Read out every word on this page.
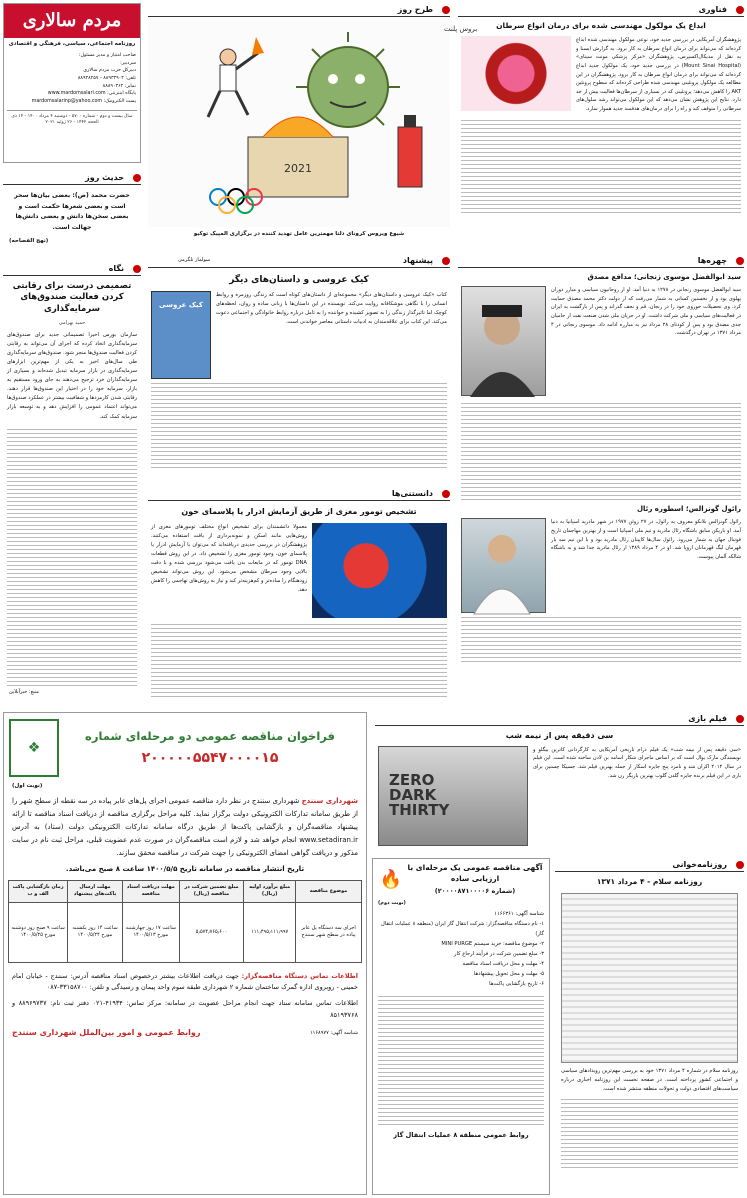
مردم سالاری
روزنامه اجتماعی، سیاسی، فرهنگی و اقتصادی
صاحب امتیاز و مدیر مسئول:
سردبیر:
دبیرکل حزب مردم سالاری
تلفن: ۸۸۹۳۳۹۰۴ - ۸۸۹۳۸۲۵۷
نمابر: ۸۸۸۹۰۳۶۲
پایگاه اینترنتی: www.mardomsalari.com
پست الکترونیک: mardomsalarinp@yahoo.com
سال بیست و دوم - شماره ۵۷۰۰ - دوشنبه ۴ مرداد ۱۴۰۰ - ۱۴ ذی الحجه ۱۴۴۲ - ۲۶ ژوئیه ۲۰۲۱
حدیث روز

حضرت محمد (ص): بعضی بیان‌ها سحر است و بعضی شعرها حکمت است و بعضی سخن‌ها دانش و بعضی دانش‌ها جهالت است.

(نهج الفصاحه)

نگاه
تصمیمی درست برای رقابتی کردن فعالیت صندوق‌های سرمایه‌گذاری
حمید بهرامی

سازمان بورس اخیرا تصمیماتی جدید برای صندوق‌های سرمایه‌گذاری اتخاذ کرده که اجرای آن می‌تواند به رقابتی کردن فعالیت صندوق‌ها منجر شود. صندوق‌های سرمایه‌گذاری طی سال‌های اخیر به یکی از مهم‌ترین ابزارهای سرمایه‌گذاری در بازار سرمایه تبدیل شده‌اند و بسیاری از سرمایه‌گذاران خرد ترجیح می‌دهند به جای ورود مستقیم به بازار، سرمایه خود را در اختیار این صندوق‌ها قرار دهند. رقابتی شدن کارمزدها و شفافیت بیشتر در عملکرد صندوق‌ها می‌تواند اعتماد عمومی را افزایش دهد و به توسعه بازار سرمایه کمک کند.

منبع: خبرآنلاین

طرح روز
2021
بروس پلنت

شیوع ویروس کرونای دلتا مهمترین عامل تهدید کننده در برگزاری المپیک توکیو

پیشنهاد
سولماز تلگرمی
کیک عروسی و داستان‌های دیگر

کتاب «کیک عروسی و داستان‌های دیگر» مجموعه‌ای از داستان‌های کوتاه است که زندگی روزمره و روابط انسانی را با نگاهی موشکافانه روایت می‌کند. نویسنده در این داستان‌ها با زبانی ساده و روان، لحظه‌های کوچک اما تاثیرگذار زندگی را به تصویر کشیده و خواننده را به تامل درباره روابط خانوادگی و اجتماعی دعوت می‌کند. این کتاب برای علاقه‌مندان به ادبیات داستانی معاصر خواندنی است.

کیک عروسی

دانستنی‌ها
تشخیص تومور مغزی از طریق آزمایش ادرار یا پلاسمای خون

معمولا دانشمندان برای تشخیص انواع مختلف تومورهای مغزی از روش‌هایی مانند اسکن و نمونه‌برداری از بافت استفاده می‌کنند. پژوهشگران در بررسی جدیدی دریافته‌اند که می‌توان با آزمایش ادرار یا پلاسمای خون، وجود تومور مغزی را تشخیص داد. در این روش قطعات DNA تومور که در مایعات بدن یافت می‌شود بررسی شده و با دقت بالایی وجود سرطان مشخص می‌شود. این روش می‌تواند تشخیص زودهنگام را ساده‌تر و کم‌هزینه‌تر کند و نیاز به روش‌های تهاجمی را کاهش دهد.

فناوری
ابداع یک مولکول مهندسی شده برای درمان انواع سرطان

پژوهشگران آمریکایی در بررسی جدید خود، نوعی مولکول مهندسی شده ابداع کرده‌اند که می‌تواند برای درمان انواع سرطان به کار برود. به گزارش ایسنا و به نقل از مدیکال‌اکسپرس، پژوهشگران «مرکز پزشکی مونت سینای» (Mount Sinai Hospital) در بررسی جدید خود، یک مولکول جدید ابداع کرده‌اند که می‌تواند برای درمان انواع سرطان به کار برود. پژوهشگران در این مطالعه یک مولکول پروتئینی مهندسی شده طراحی کرده‌اند که سطوح پروتئین AKT را کاهش می‌دهد؛ پروتئینی که در بسیاری از سرطان‌ها فعالیت بیش از حد دارد. نتایج این پژوهش نشان می‌دهد که این مولکول می‌تواند رشد سلول‌های سرطانی را متوقف کند و راه را برای درمان‌های هدفمند جدید هموار سازد.

چهره‌ها
سید ابوالفضل موسوی زنجانی؛ مدافع مصدق

سید ابوالفضل موسوی زنجانی در ۱۲۷۸ به دنیا آمد. او از روحانیون سیاسی و مبارز دوران پهلوی بود و از نخستین کسانی به شمار می‌رفت که از دولت دکتر محمد مصدق حمایت کرد. وی تحصیلات حوزوی خود را در زنجان، قم و نجف گذراند و پس از بازگشت به ایران در فعالیت‌های سیاسی و ملی شرکت داشت. او در جریان ملی شدن صنعت نفت از حامیان جدی مصدق بود و پس از کودتای ۲۸ مرداد نیز به مبارزه ادامه داد. موسوی زنجانی در ۴ مرداد ۱۳۷۱ در تهران درگذشت.

رائول گونزالس؛ اسطوره رئال

رائول گونزالس بلانکو معروف به رائول، در ۲۷ ژوئن ۱۹۷۷ در شهر مادرید اسپانیا به دنیا آمد. او بازیکن سابق باشگاه رئال مادرید و تیم ملی اسپانیا است و از بهترین مهاجمان تاریخ فوتبال جهان به شمار می‌رود. رائول سال‌ها کاپیتان رئال مادرید بود و با این تیم سه بار قهرمان لیگ قهرمانان اروپا شد. او در ۴ مرداد ۱۳۸۹ از رئال مادرید جدا شد و به باشگاه شالکه آلمان پیوست.

فیلم بازی
سی دقیقه پس از نیمه شب

«سی دقیقه پس از نیمه شب» یک فیلم درام تاریخی آمریکایی به کارگردانی کاترین بیگلو و نویسندگی مارک بوال است که بر اساس ماجرای شکار اسامه بن لادن ساخته شده است. این فیلم در سال ۲۰۱۲ اکران شد و نامزد پنج جایزه اسکار از جمله بهترین فیلم شد. جسیکا چستین برای بازی در این فیلم برنده جایزه گلدن گلوب بهترین بازیگر زن شد.

ZERO
DARK
THIRTY
فراخوان مناقصه عمومی دو مرحله‌ای شماره
۲۰۰۰۰۰۵۵۴۷۰۰۰۰۱۵
❖
(نوبت اول)

شهرداری سنندج شهرداری سنندج در نظر دارد مناقصه عمومی اجرای پل‌های عابر پیاده در سه نقطه از سطح شهر را از طریق سامانه تدارکات الکترونیکی دولت برگزار نماید. کلیه مراحل برگزاری مناقصه از دریافت اسناد مناقصه تا ارائه پیشنهاد مناقصه‌گران و بازگشایی پاکت‌ها از طریق درگاه سامانه تدارکات الکترونیکی دولت (ستاد) به آدرس www.setadiran.ir انجام خواهد شد و لازم است مناقصه‌گران در صورت عدم عضویت قبلی، مراحل ثبت نام در سایت مذکور و دریافت گواهی امضای الکترونیکی را جهت شرکت در مناقصه محقق سازند.

تاریخ انتشار مناقصه در سامانه تاریخ ۱۴۰۰/۵/۵ ساعت ۸ صبح می‌باشد.

موضوع مناقصه	مبلغ برآورد اولیه (ریال)	مبلغ تضمین شرکت در مناقصه (ریال)	مهلت دریافت اسناد مناقصه	مهلت ارسال پاکت‌های پیشنهاد	زمان بازگشایی پاکت الف و ب
اجرای سه دستگاه پل عابر پیاده در سطح شهر سنندج	۱۱۱٫۴۹۵٫۱۱۱٫۹۹۷	۵٫۵۷۴٫۷۶۵٫۶۰۰	ساعت ۱۷ روز چهارشنبه مورخ ۱۴۰۰/۵/۱۳	ساعت ۱۴ روز یکشنبه مورخ ۱۴۰۰/۵/۲۴	ساعت ۹ صبح روز دوشنبه مورخ ۱۴۰۰/۵/۲۵

اطلاعات تماس دستگاه مناقصه‌گزار: جهت دریافت اطلاعات بیشتر درخصوص اسناد مناقصه آدرس: سنندج - خیابان امام خمینی - روبروی اداره گمرک ساختمان شماره ۲ شهرداری طبقه سوم واحد پیمان و رسیدگی و تلفن: ۳۳۱۵۸۷۰۰-۰۸۷

اطلاعات تماس سامانه ستاد جهت انجام مراحل عضویت در سامانه: مرکز تماس: ۴۱۹۳۴-۰۲۱ دفتر ثبت نام: ۸۸۹۶۹۷۳۷ و ۸۵۱۹۳۷۶۸

شناسه آگهی: ۱۱۶۸۹۷۷
روابط عمومی و امور بین‌الملل شهرداری سنندج
آگهی مناقصه عمومی یک مرحله‌ای با ارزیابی ساده
(شماره ۲۰۰۰۰۸۷۱۰۰۰۰۶)
🔥
(نوبت دوم)
شناسه آگهی: ۱۱۶۶۳۶۱
۱- نام دستگاه مناقصه‌گزار: شرکت انتقال گاز ایران (منطقه ۸ عملیات انتقال گاز)
۲- موضوع مناقصه: خرید سیستم MINI PURGE
۳- مبلغ تضمین شرکت در فرآیند ارجاع کار
۴- مهلت و محل دریافت اسناد مناقصه
۵- مهلت و محل تحویل پیشنهادها
۶- تاریخ بازگشایی پاکت‌ها

روابط عمومی منطقه ۸ عملیات انتقال گاز
روزنامه‌خوانی
روزنامه سلام - ۴ مرداد ۱۳۷۱

روزنامه سلام در شماره ۴ مرداد ۱۳۷۱ خود به بررسی مهم‌ترین رویدادهای سیاسی و اجتماعی کشور پرداخته است. در صفحه نخست این روزنامه اخباری درباره سیاست‌های اقتصادی دولت و تحولات منطقه منتشر شده است.
